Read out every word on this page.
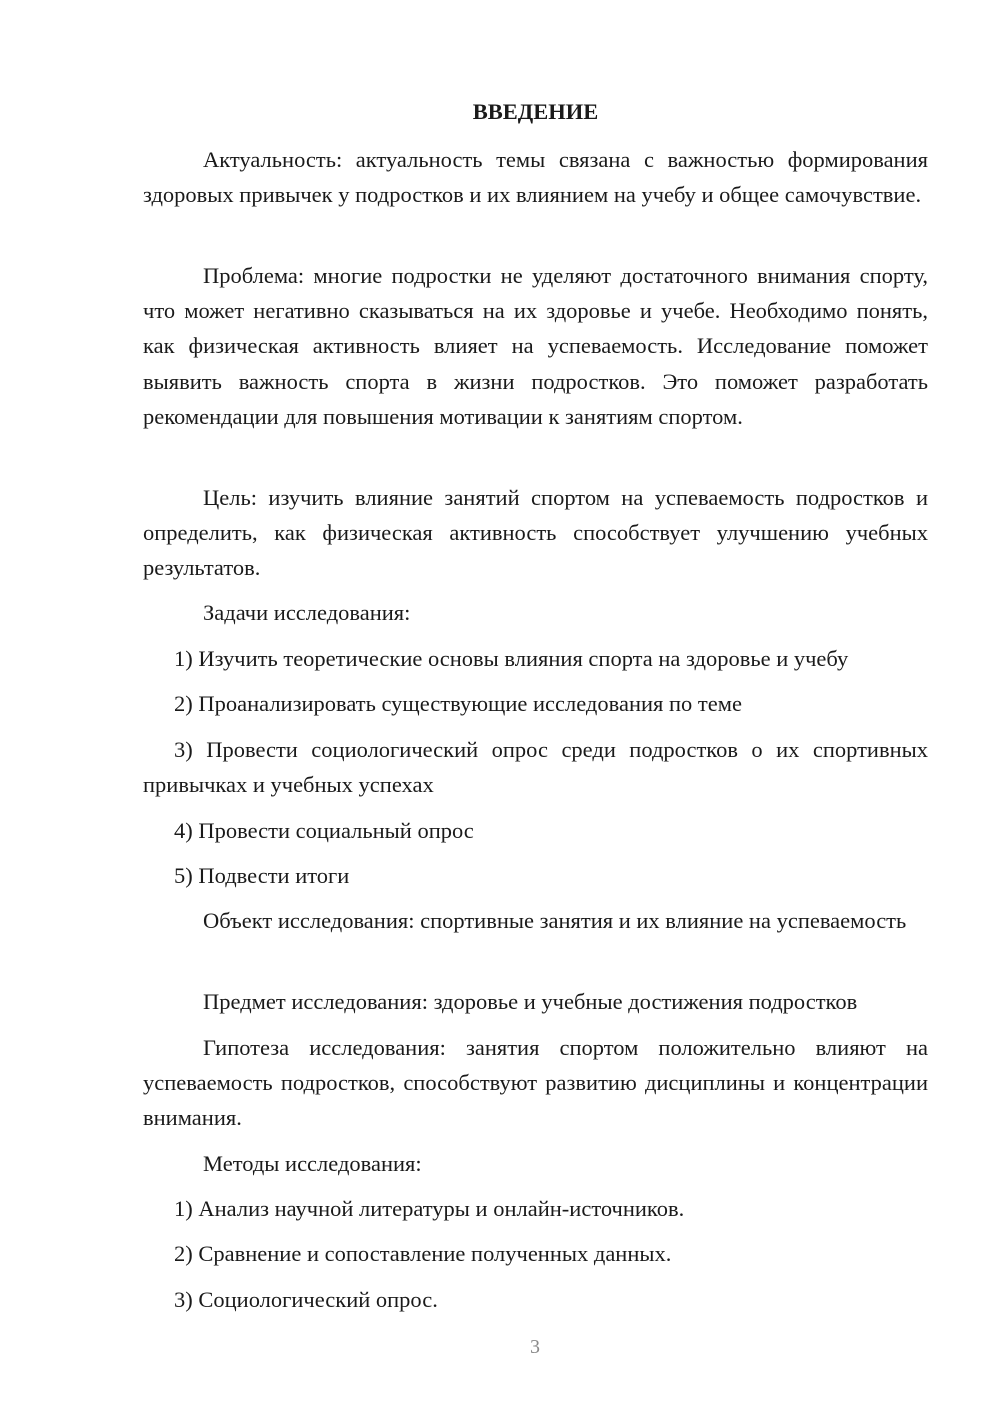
ВВЕДЕНИЕ

Актуальность: актуальность темы связана с важностью формирования здоровых привычек у подростков и их влиянием на учебу и общее самочувствие.

Проблема: многие подростки не уделяют достаточного внимания спорту, что может негативно сказываться на их здоровье и учебе. Необходимо понять, как физическая активность влияет на успеваемость. Исследование поможет выявить важность спорта в жизни подростков. Это поможет разработать рекомендации для повышения мотивации к занятиям спортом.

Цель: изучить влияние занятий спортом на успеваемость подростков и определить, как физическая активность способствует улучшению учебных результатов.

Задачи исследования:

1) Изучить теоретические основы влияния спорта на здоровье и учебу

2) Проанализировать существующие исследования по теме

3) Провести социологический опрос среди подростков о их спортивных привычках и учебных успехах

4) Провести социальный опрос

5) Подвести итоги

Объект исследования: спортивные занятия и их влияние на успеваемость

Предмет исследования: здоровье и учебные достижения подростков

Гипотеза исследования: занятия спортом положительно влияют на успеваемость подростков, способствуют развитию дисциплины и концентрации внимания.

Методы исследования:

1) Анализ научной литературы и онлайн-источников.

2) Сравнение и сопоставление полученных данных.

3) Социологический опрос.

3
